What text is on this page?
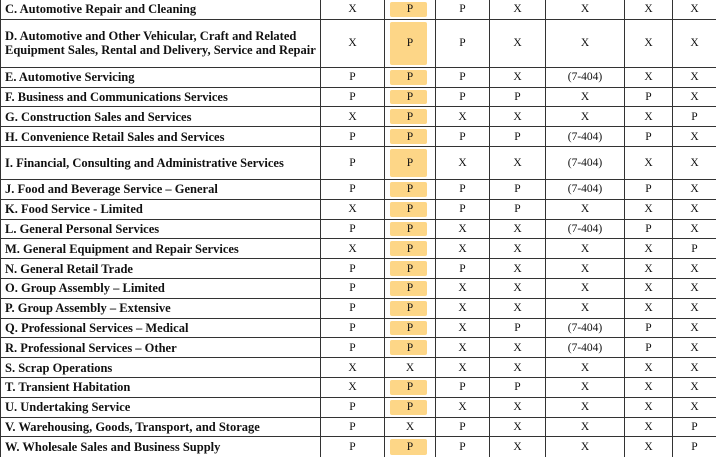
C. Automotive Repair and Cleaning	X	P	P	X	X	X	X
D. Automotive and Other Vehicular, Craft and Related Equipment Sales, Rental and Delivery, Service and Repair	X	P	P	X	X	X	X
E. Automotive Servicing	P	P	P	X	(7-404)	X	X
F. Business and Communications Services	P	P	P	P	X	P	X
G. Construction Sales and Services	X	P	X	X	X	X	P
H. Convenience Retail Sales and Services	P	P	P	P	(7-404)	P	X
I. Financial, Consulting and Administrative Services	P	P	X	X	(7-404)	X	X
J. Food and Beverage Service – General	P	P	P	P	(7-404)	P	X
K. Food Service - Limited	X	P	P	P	X	X	X
L. General Personal Services	P	P	X	X	(7-404)	P	X
M. General Equipment and Repair Services	X	P	X	X	X	X	P
N. General Retail Trade	P	P	P	X	X	X	X
O. Group Assembly – Limited	P	P	X	X	X	X	X
P. Group Assembly – Extensive	P	P	X	X	X	X	X
Q. Professional Services – Medical	P	P	X	P	(7-404)	P	X
R. Professional Services – Other	P	P	X	X	(7-404)	P	X
S. Scrap Operations	X	X	X	X	X	X	X
T. Transient Habitation	X	P	P	P	X	X	X
U. Undertaking Service	P	P	X	X	X	X	X
V. Warehousing, Goods, Transport, and Storage	P	X	P	X	X	X	P
W. Wholesale Sales and Business Supply	P	P	P	X	X	X	P
